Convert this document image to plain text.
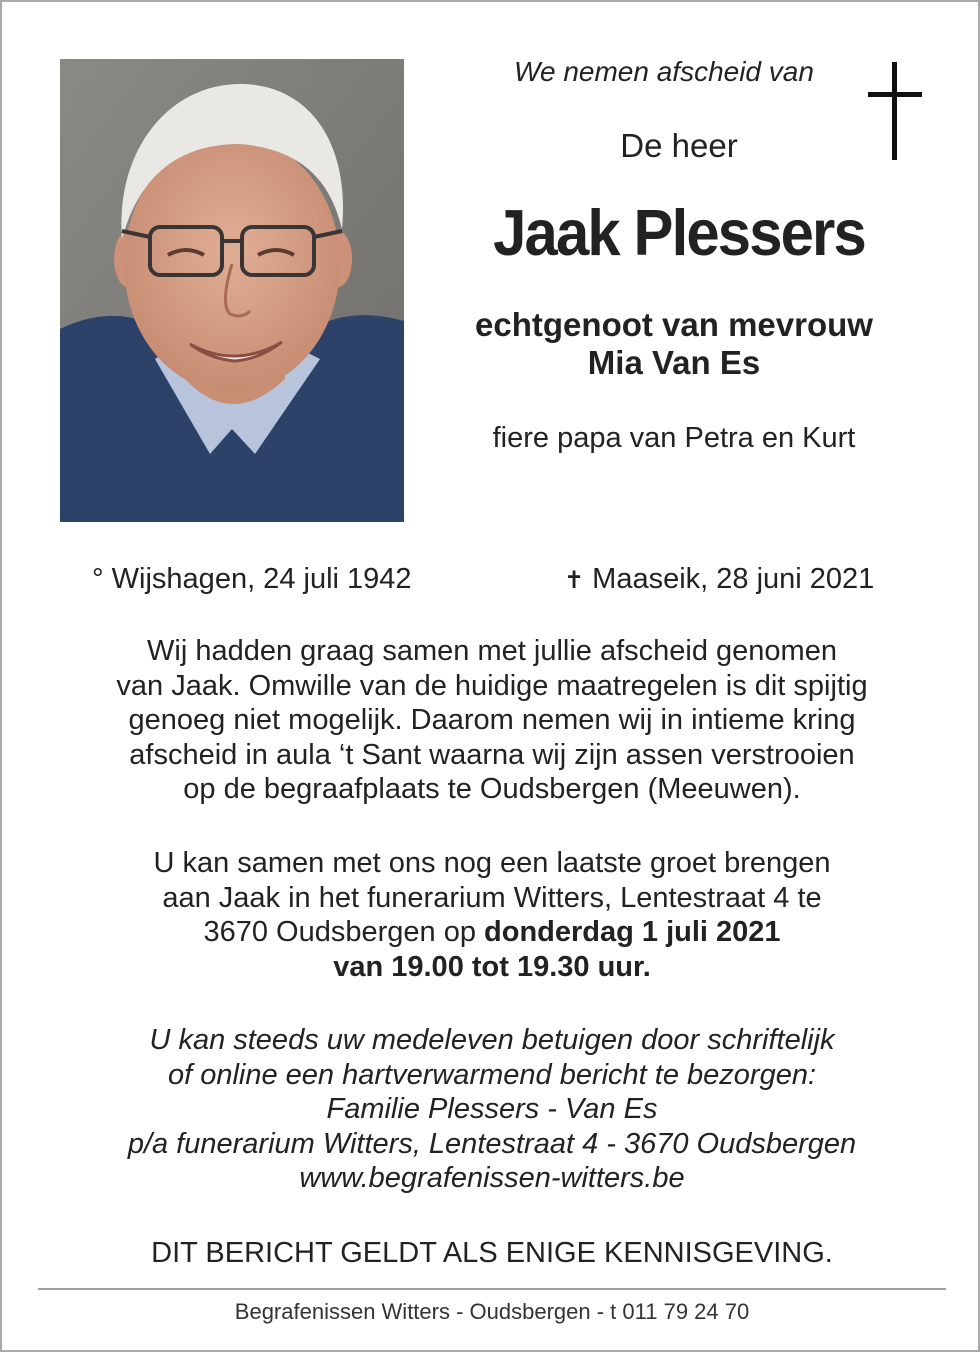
We nemen afscheid van
De heer
Jaak Plessers
echtgenoot van mevrouw
Mia Van Es
fiere papa van Petra en Kurt
° Wijshagen, 24 juli 1942	✝ Maaseik, 28 juni 2021
Wij hadden graag samen met jullie afscheid genomen
van Jaak. Omwille van de huidige maatregelen is dit spijtig
genoeg niet mogelijk. Daarom nemen wij in intieme kring
afscheid in aula ‘t Sant waarna wij zijn assen verstrooien
op de begraafplaats te Oudsbergen (Meeuwen).
U kan samen met ons nog een laatste groet brengen
aan Jaak in het funerarium Witters, Lentestraat 4 te
3670 Oudsbergen op donderdag 1 juli 2021
van 19.00 tot 19.30 uur.
U kan steeds uw medeleven betuigen door schriftelijk
of online een hartverwarmend bericht te bezorgen:
Familie Plessers - Van Es
p/a funerarium Witters, Lentestraat 4 - 3670 Oudsbergen
www.begrafenissen-witters.be
DIT BERICHT GELDT ALS ENIGE KENNISGEVING.
Begrafenissen Witters - Oudsbergen - t 011 79 24 70
